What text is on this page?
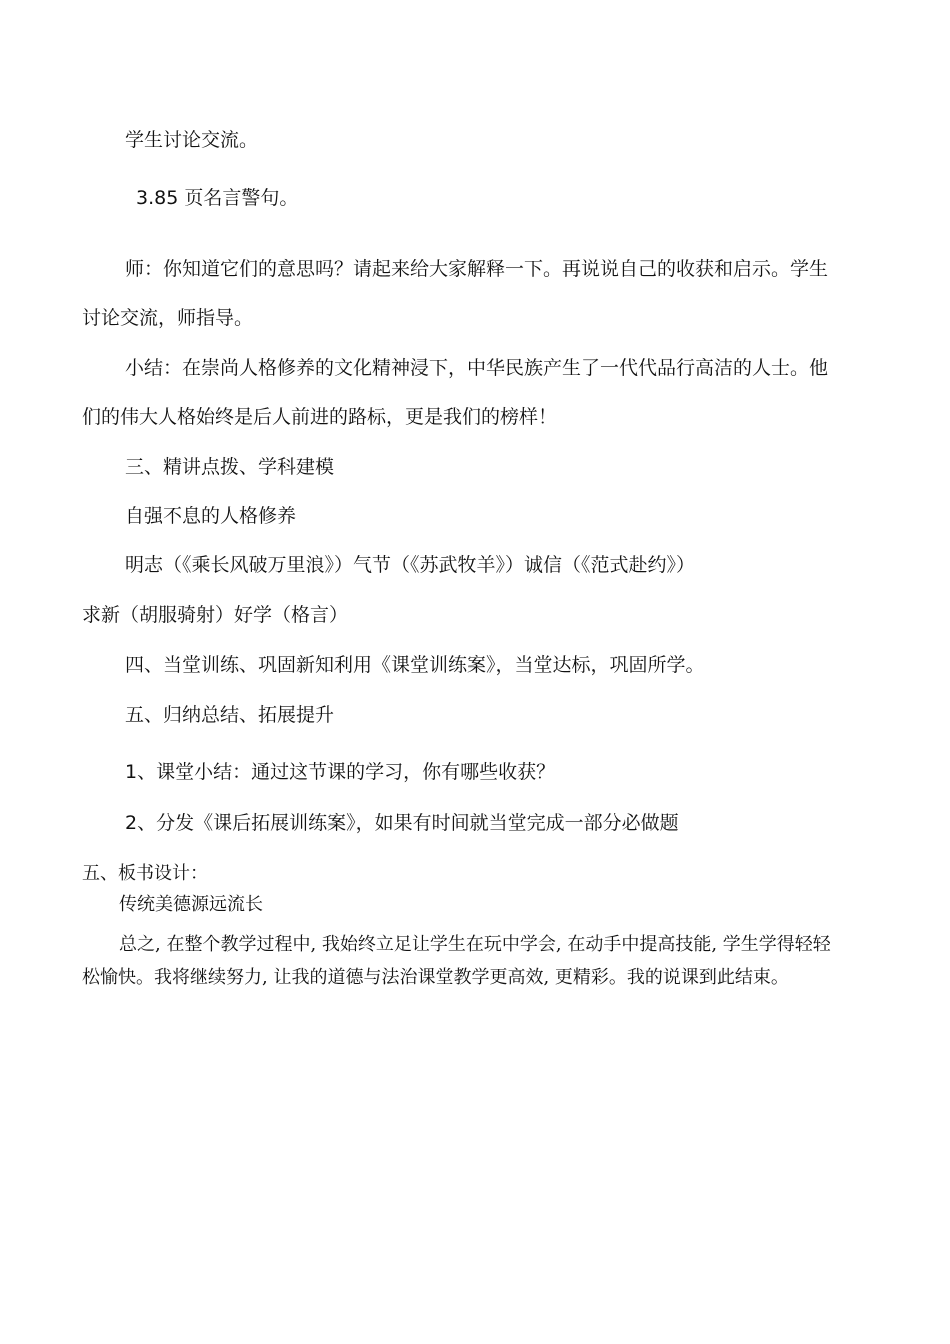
学生讨论交流。
3.85 页名言警句。
师：你知道它们的意思吗？请起来给大家解释一下。再说说自己的收获和启示。学生
讨论交流，师指导。
小结：在崇尚人格修养的文化精神浸下，中华民族产生了一代代品行高洁的人士。他
们的伟大人格始终是后人前进的路标，更是我们的榜样！
三、精讲点拨、学科建模
自强不息的人格修养
明志（《乘长风破万里浪》）气节（《苏武牧羊》）诚信（《范式赴约》）
求新（胡服骑射）好学（格言）
四、当堂训练、巩固新知利用《课堂训练案》，当堂达标，巩固所学。
五、归纳总结、拓展提升
1、课堂小结：通过这节课的学习，你有哪些收获？
2、分发《课后拓展训练案》，如果有时间就当堂完成一部分必做题
五、板书设计：
传统美德源远流长
总之, 在整个教学过程中, 我始终立足让学生在玩中学会, 在动手中提高技能, 学生学得轻轻
松愉快。我将继续努力, 让我的道德与法治课堂教学更高效, 更精彩。我的说课到此结束。
